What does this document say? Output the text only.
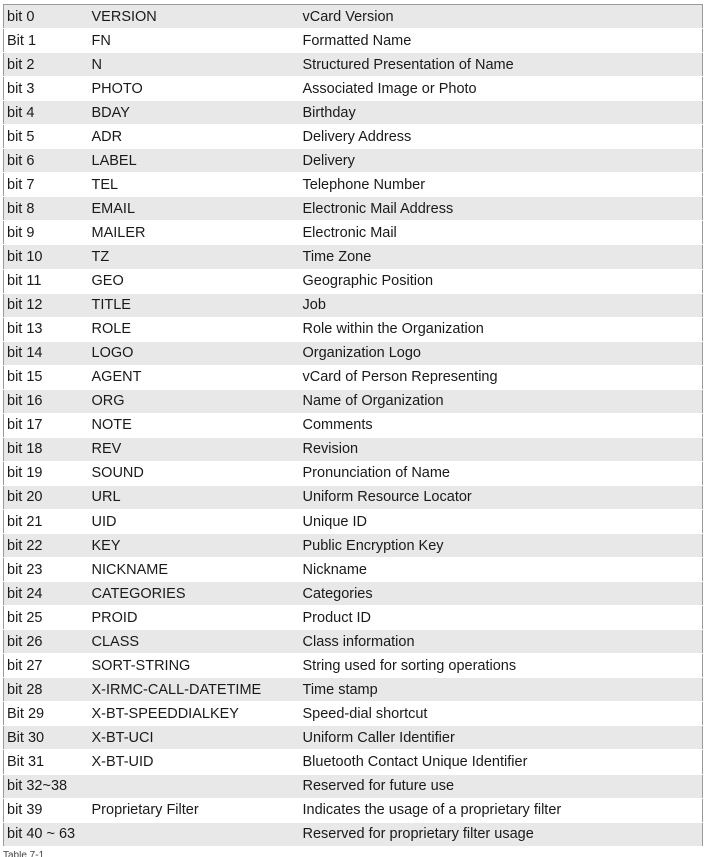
bit 0	VERSION	vCard Version
Bit 1	FN	Formatted Name
bit 2	N	Structured Presentation of Name
bit 3	PHOTO	Associated Image or Photo
bit 4	BDAY	Birthday
bit 5	ADR	Delivery Address
bit 6	LABEL	Delivery
bit 7	TEL	Telephone Number
bit 8	EMAIL	Electronic Mail Address
bit 9	MAILER	Electronic Mail
bit 10	TZ	Time Zone
bit 11	GEO	Geographic Position
bit 12	TITLE	Job
bit 13	ROLE	Role within the Organization
bit 14	LOGO	Organization Logo
bit 15	AGENT	vCard of Person Representing
bit 16	ORG	Name of Organization
bit 17	NOTE	Comments
bit 18	REV	Revision
bit 19	SOUND	Pronunciation of Name
bit 20	URL	Uniform Resource Locator
bit 21	UID	Unique ID
bit 22	KEY	Public Encryption Key
bit 23	NICKNAME	Nickname
bit 24	CATEGORIES	Categories
bit 25	PROID	Product ID
bit 26	CLASS	Class information
bit 27	SORT-STRING	String used for sorting operations
bit 28	X-IRMC-CALL-DATETIME	Time stamp
Bit 29	X-BT-SPEEDDIALKEY	Speed-dial shortcut
Bit 30	X-BT-UCI	Uniform Caller Identifier
Bit 31	X-BT-UID	Bluetooth Contact Unique Identifier
bit 32~38		Reserved for future use
bit 39	Proprietary Filter	Indicates the usage of a proprietary filter
bit 40 ~ 63		Reserved for proprietary filter usage
Table 7-1
